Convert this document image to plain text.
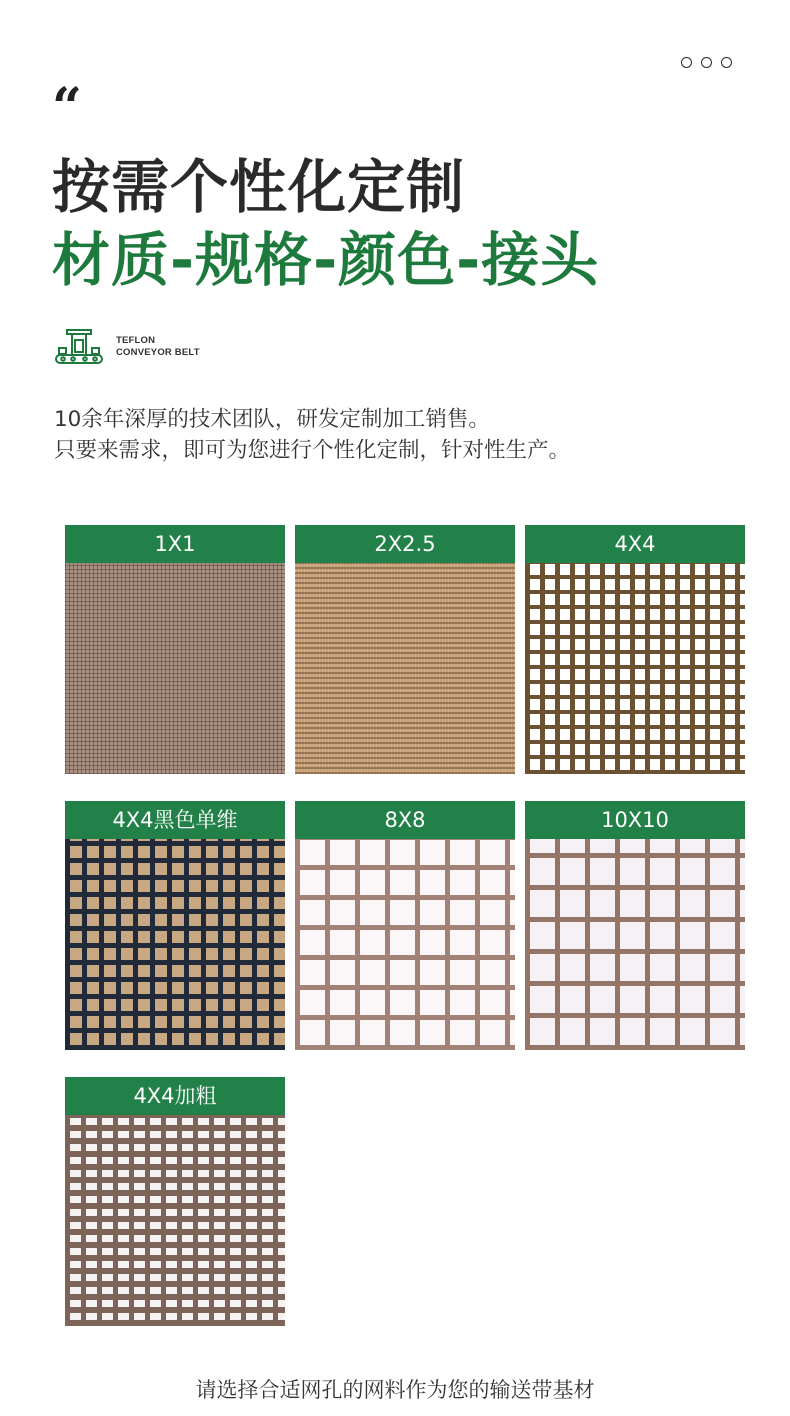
“
按需个性化定制
材质-规格-颜色-接头
TEFLON
CONVEYOR BELT
10余年深厚的技术团队，研发定制加工销售。
只要来需求，即可为您进行个性化定制，针对性生产。
1X1	2X2.5	4X4
4X4黑色单维	8X8	10X10
4X4加粗
请选择合适网孔的网料作为您的输送带基材
